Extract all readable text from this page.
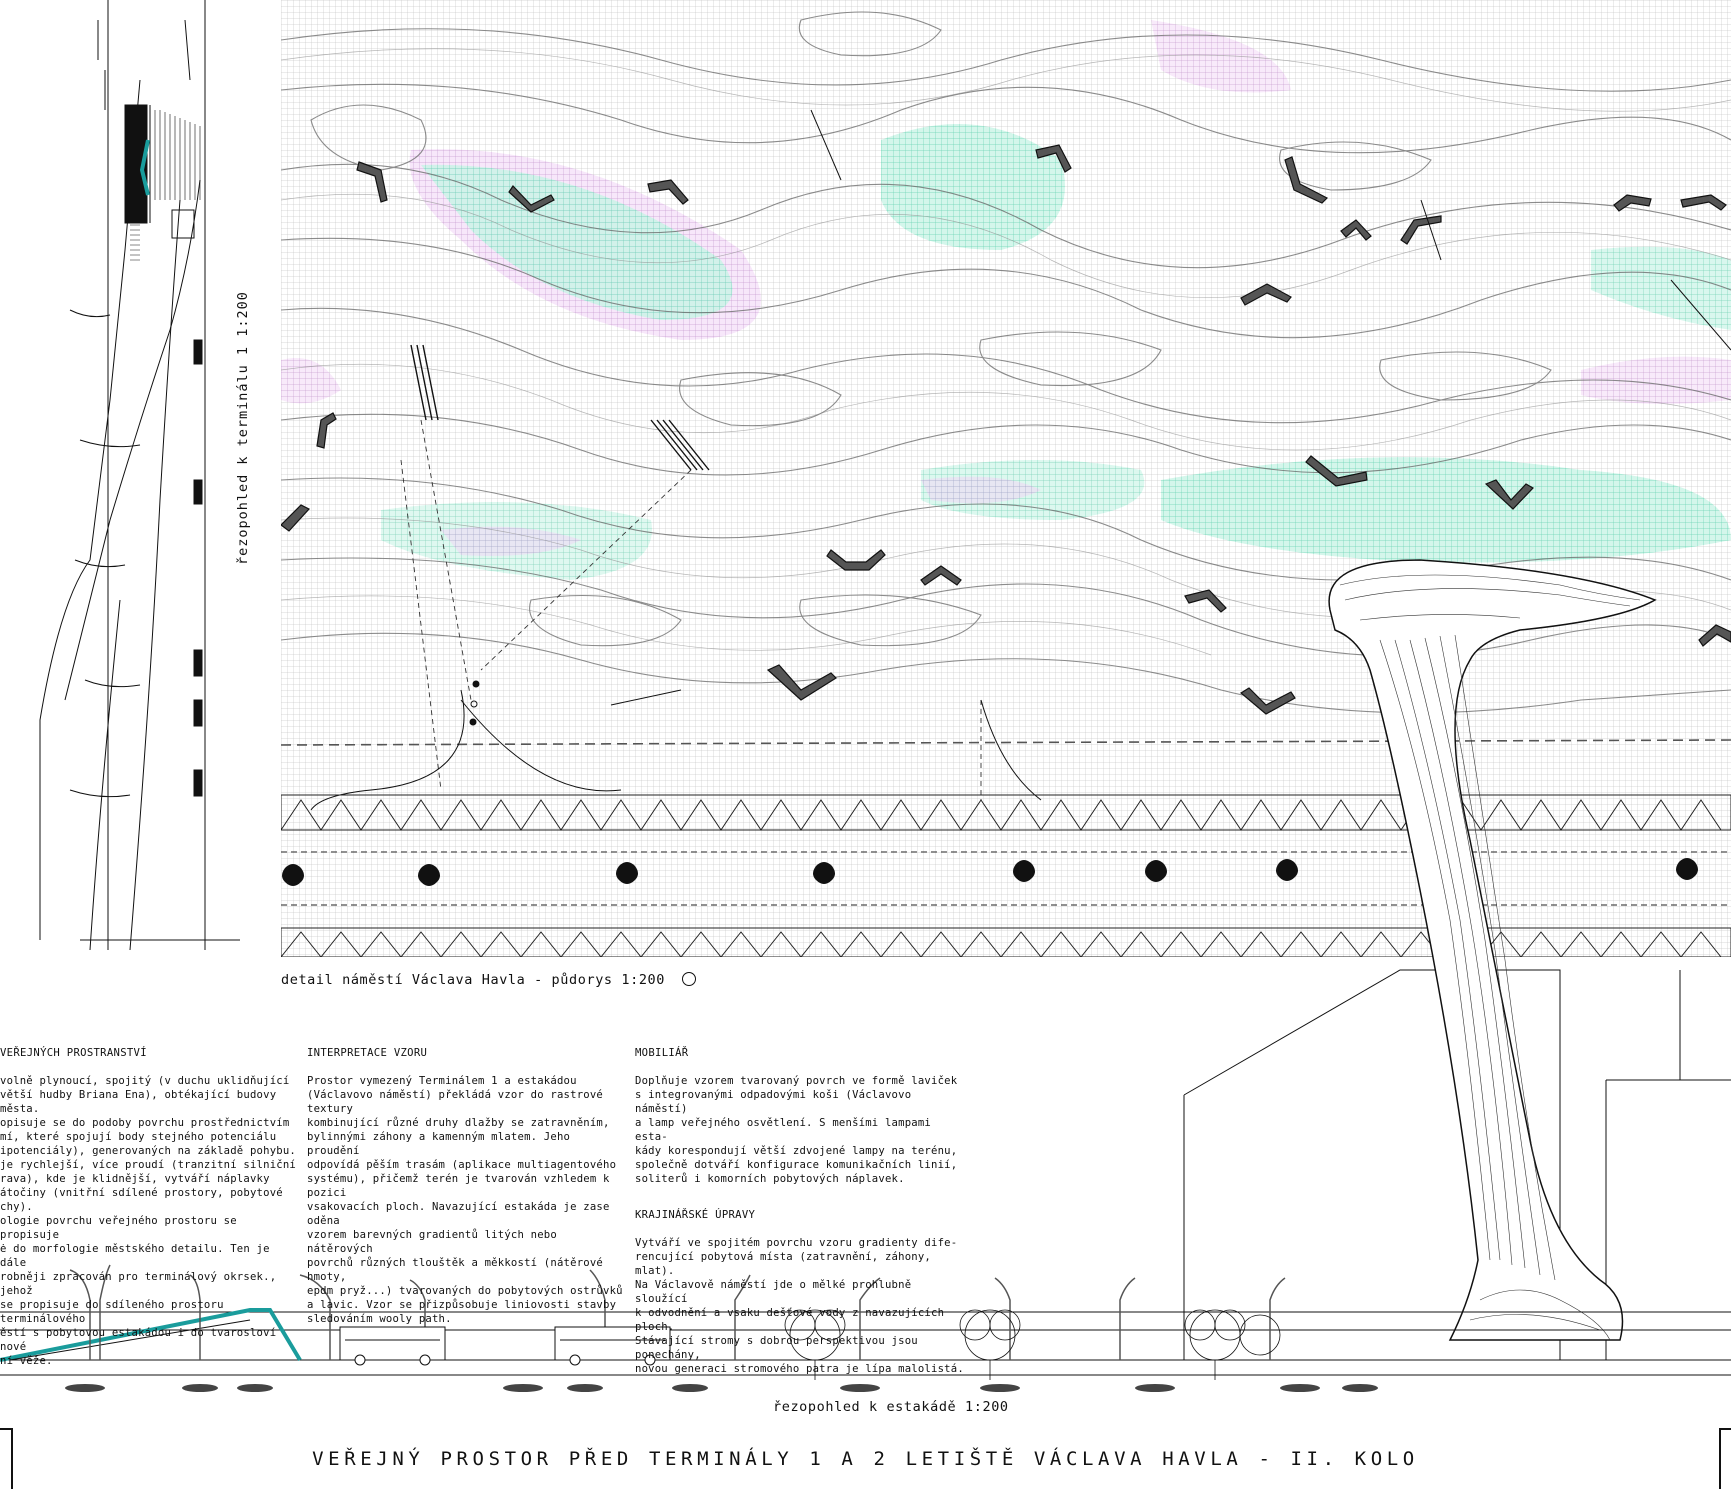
řezopohled k terminálu 1 1:200
detail náměstí Václava Havla - půdorys 1:200

VEŘEJNÝCH PROSTRANSTVÍ

volně plynoucí, spojitý (v duchu uklidňující
větší hudby Briana Ena), obtékající budovy města.
opisuje se do podoby povrchu prostřednictvím
mí, které spojují body stejného potenciálu
ipotenciály), generovaných na základě pohybu.
je rychlejší, více proudí (tranzitní silniční
rava), kde je klidnější, vytváří náplavky
átočiny (vnitřní sdílené prostory, pobytové
chy).
ologie povrchu veřejného prostoru se propisuje
ė do morfologie městského detailu. Ten je dále
robněji zpracován pro terminálový okrsek., jehož
se propisuje do sdíleného prostoru terminálového
ěstí s pobytovou estakádou i do tvarosloví nové
ní věže.

INTERPRETACE VZORU

Prostor vymezený Terminálem 1 a estakádou
(Václavovo náměstí) překládá vzor do rastrové textury
kombinující různé druhy dlažby se zatravněním,
bylinnými záhony a kamenným mlatem. Jeho proudění
odpovídá pěším trasám (aplikace multiagentového
systému), přičemž terén je tvarován vzhledem k pozici
vsakovacích ploch. Navazující estakáda je zase oděna
vzorem barevných gradientů litých nebo nátěrových
povrchů různých tlouštěk a měkkostí (nátěrové hmoty,
epdm pryž...) tvarovaných do pobytových ostrůvků
a laviс. Vzor se přizpůsobuje liniovosti stavby
sledováním wooly path.

MOBILIÁŘ

Doplňuje vzorem tvarovaný povrch ve formě laviček
s integrovanými odpadovými koši (Václavovo náměstí)
a lamp veřejného osvětlení. S menšími lampami esta-
kády korespondují větší zdvojené lampy na terénu,
společně dotváří konfigurace komunikačních linií,
soliterů i komorních pobytových náplavek.

KRAJINÁŘSKÉ ÚPRAVY

Vytváří ve spojitém povrchu vzoru gradienty dife-
rencující pobytová místa (zatravnění, záhony, mlat).
Na Václavově náměstí jde o mělké prohlubně sloužící
k odvodnění a vsaku dešťové vody z navazujících ploch.
Stávající stromy s dobrou perspektivou jsou ponechány,
novou generaci stromového patra je lípa malolistá.

řezopohled k estakádě 1:200
VEŘEJNÝ PROSTOR PŘED TERMINÁLY 1 A 2 LETIŠTĚ VÁCLAVA HAVLA - II. KOLO
